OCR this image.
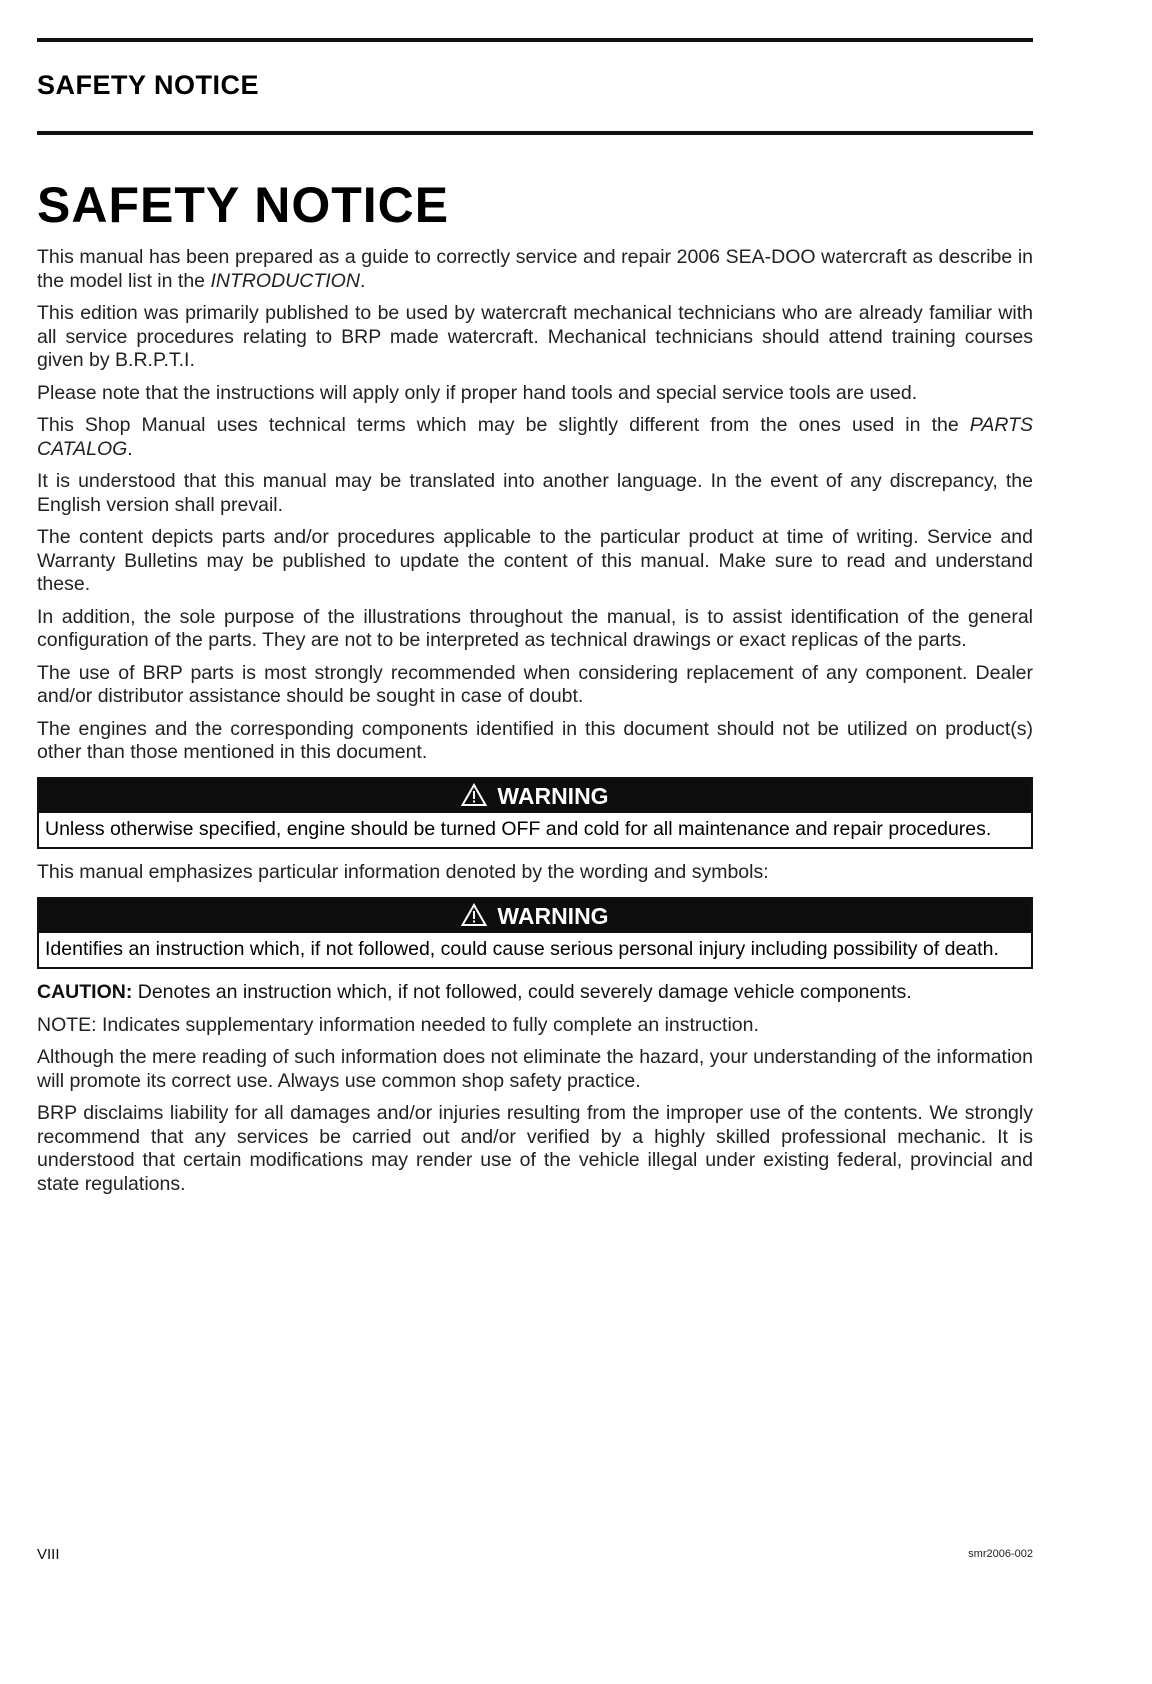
SAFETY NOTICE
SAFETY NOTICE

This manual has been prepared as a guide to correctly service and repair 2006 SEA-DOO watercraft as describe in the model list in the INTRODUCTION.

This edition was primarily published to be used by watercraft mechanical technicians who are already familiar with all service procedures relating to BRP made watercraft. Mechanical technicians should attend training courses given by B.R.P.T.I.

Please note that the instructions will apply only if proper hand tools and special service tools are used.

This Shop Manual uses technical terms which may be slightly different from the ones used in the PARTS CATALOG.

It is understood that this manual may be translated into another language. In the event of any discrepancy, the English version shall prevail.

The content depicts parts and/or procedures applicable to the particular product at time of writing. Service and Warranty Bulletins may be published to update the content of this manual. Make sure to read and understand these.

In addition, the sole purpose of the illustrations throughout the manual, is to assist identification of the general configuration of the parts. They are not to be interpreted as technical drawings or exact replicas of the parts.

The use of BRP parts is most strongly recommended when considering replacement of any component. Dealer and/or distributor assistance should be sought in case of doubt.

The engines and the corresponding components identified in this document should not be utilized on product(s) other than those mentioned in this document.

WARNING
Unless otherwise specified, engine should be turned OFF and cold for all maintenance and repair procedures.

This manual emphasizes particular information denoted by the wording and symbols:

WARNING
Identifies an instruction which, if not followed, could cause serious personal injury including possibility of death.

CAUTION: Denotes an instruction which, if not followed, could severely damage vehicle components.

NOTE: Indicates supplementary information needed to fully complete an instruction.

Although the mere reading of such information does not eliminate the hazard, your understanding of the information will promote its correct use. Always use common shop safety practice.

BRP disclaims liability for all damages and/or injuries resulting from the improper use of the contents. We strongly recommend that any services be carried out and/or verified by a highly skilled professional mechanic. It is understood that certain modifications may render use of the vehicle illegal under existing federal, provincial and state regulations.

VIII	smr2006-002
